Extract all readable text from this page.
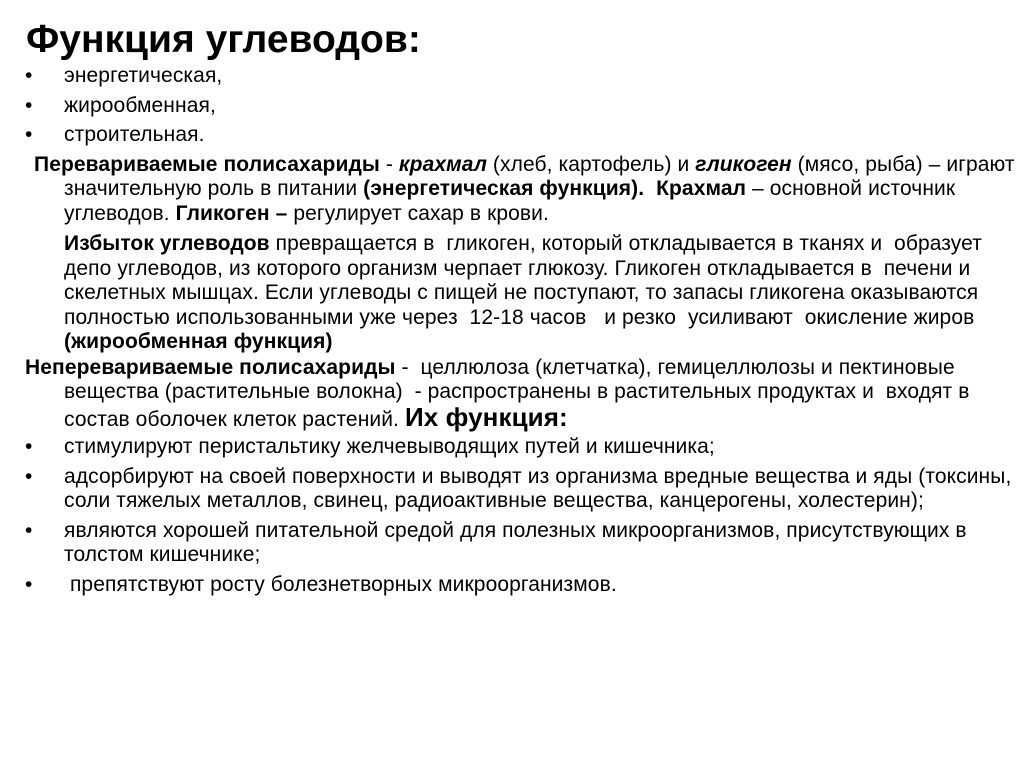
Функция углеводов:
• энергетическая,
• жирообменная,
• строительная.
Перевариваемые полисахариды - крахмал (хлеб, картофель) и гликоген (мясо, рыба) – играют значительную роль в питании (энергетическая функция). Крахмал – основной источник углеводов. Гликоген – регулирует сахар в крови.
Избыток углеводов превращается в  гликоген, который откладывается в тканях и  образует депо углеводов, из которого организм черпает глюкозу. Гликоген откладывается в  печени и  скелетных мышцах. Если углеводы с пищей не поступают, то запасы гликогена оказываются полностью использованными уже через  12-18 часов   и резко  усиливают  окисление жиров (жирообменная функция)
Неперевариваемые полисахариды -  целлюлоза (клетчатка), гемицеллюлозы и пектиновые вещества (растительные волокна)  - распространены в растительных продуктах и  входят в состав оболочек клеток растений. Их функция:
• стимулируют перистальтику желчевыводящих путей и кишечника;
• адсорбируют на своей поверхности и выводят из организма вредные вещества и яды (токсины, соли тяжелых металлов, свинец, радиоактивные вещества, канцерогены, холестерин);
• являются хорошей питательной средой для полезных микроорганизмов, присутствующих в толстом кишечнике;
• препятствуют росту болезнетворных микроорганизмов.
